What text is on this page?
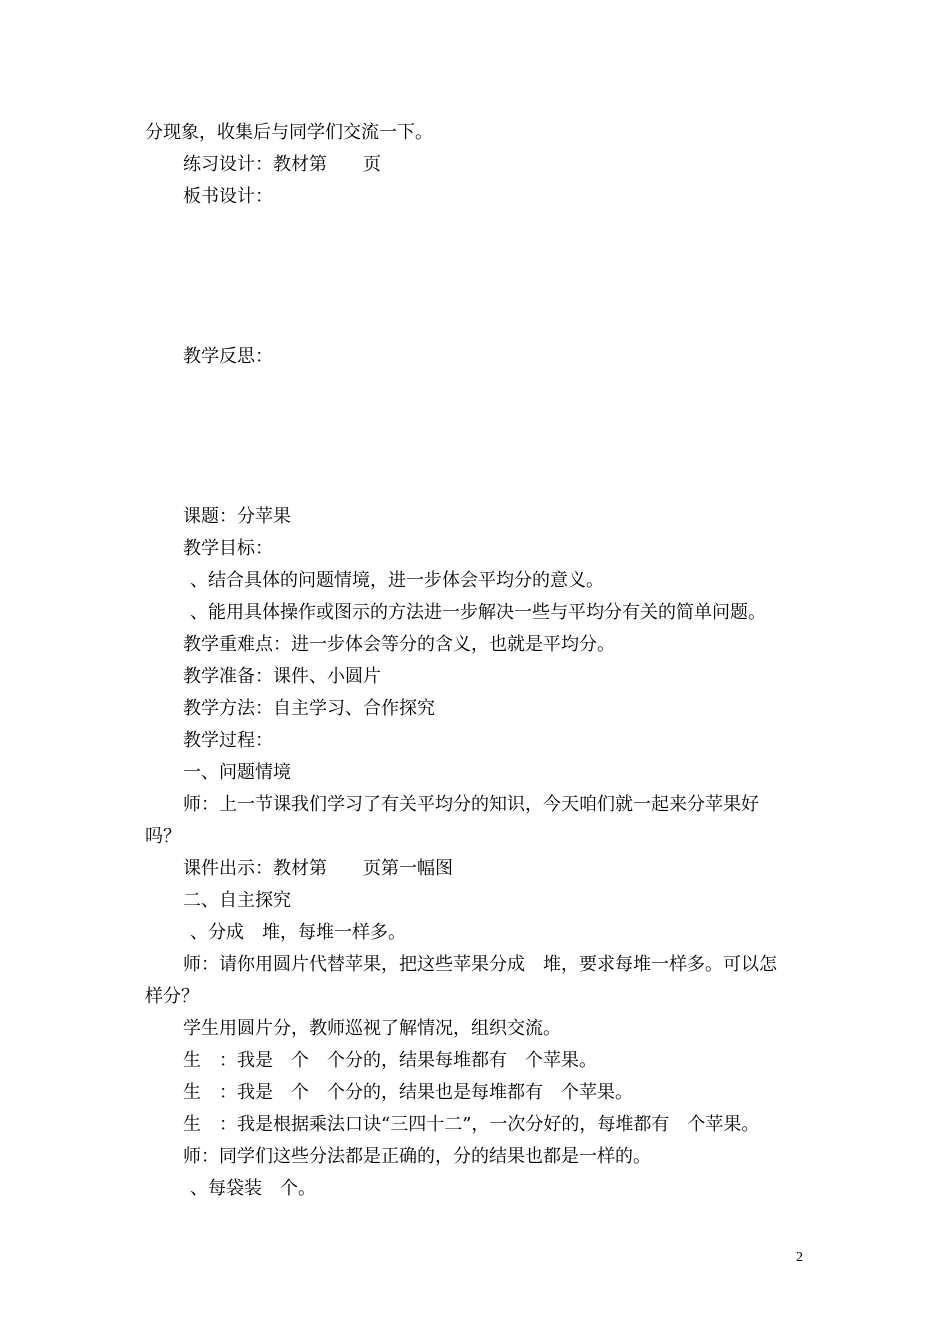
分现象，收集后与同学们交流一下。
练习设计：教材第　　页
板书设计：
教学反思：
课题：分苹果
教学目标：
、结合具体的问题情境，进一步体会平均分的意义。
、能用具体操作或图示的方法进一步解决一些与平均分有关的简单问题。
教学重难点：进一步体会等分的含义，也就是平均分。
教学准备：课件、小圆片
教学方法：自主学习、合作探究
教学过程：
一、问题情境
师：上一节课我们学习了有关平均分的知识，今天咱们就一起来分苹果好
吗？
课件出示：教材第　　页第一幅图
二、自主探究
、分成　堆，每堆一样多。
师：请你用圆片代替苹果，把这些苹果分成　堆，要求每堆一样多。可以怎
样分？
学生用圆片分，教师巡视了解情况，组织交流。
生　：我是　个　个分的，结果每堆都有　个苹果。
生　：我是　个　个分的，结果也是每堆都有　个苹果。
生　：我是根据乘法口诀“三四十二”，一次分好的，每堆都有　个苹果。
师：同学们这些分法都是正确的，分的结果也都是一样的。
、每袋装　个。
2
